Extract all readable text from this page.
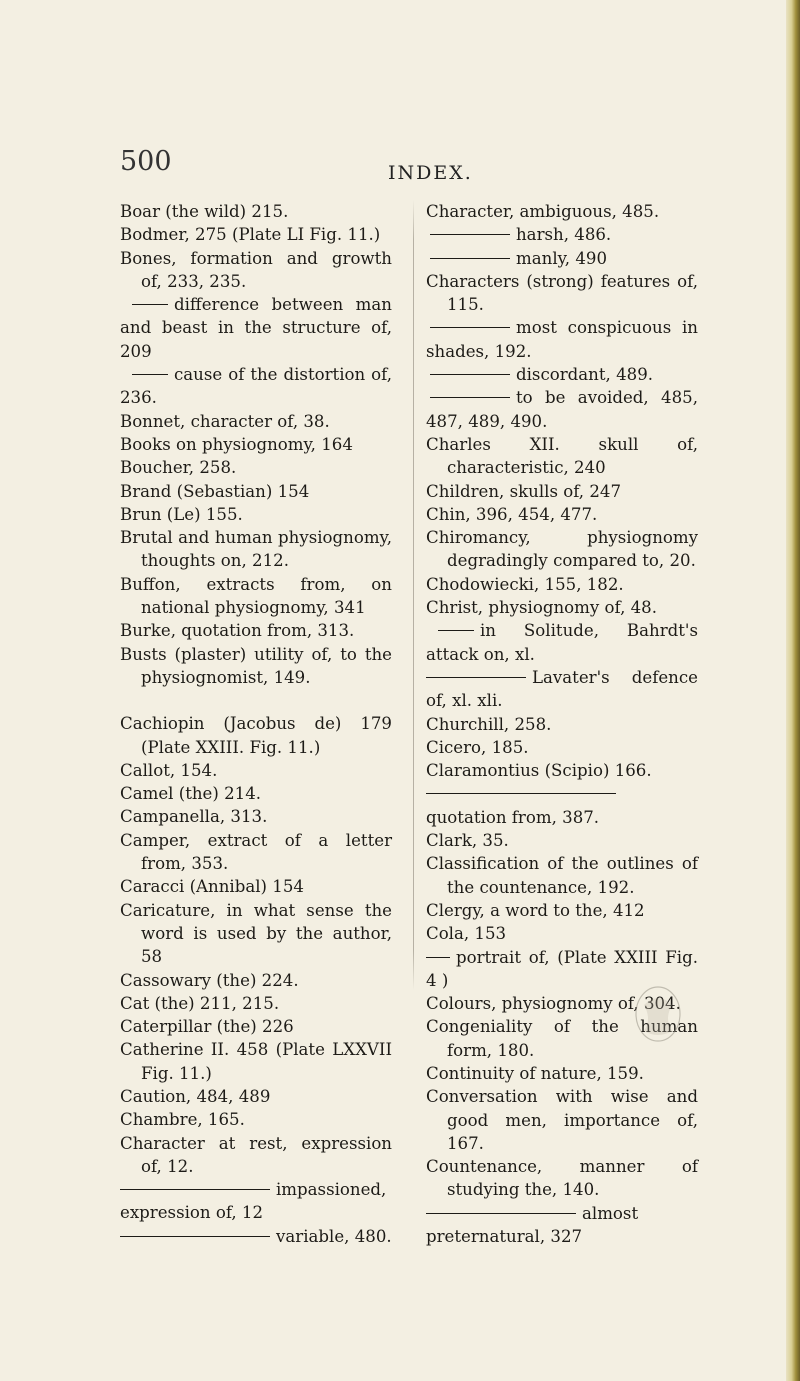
500	INDEX.

Boar (the wild) 215.

Bodmer, 275 (Plate LI Fig. 11.)

Bones, formation and growth of, 233, 235.

difference between man and beast in the structure of, 209

cause of the distortion of, 236.

Bonnet, character of, 38.

Books on physiognomy, 164

Boucher, 258.

Brand (Sebastian) 154

Brun (Le) 155.

Brutal and human physiognomy, thoughts on, 212.

Buffon, extracts from, on national physiognomy, 341

Burke, quotation from, 313.

Busts (plaster) utility of, to the physiognomist, 149.

Cachiopin (Jacobus de) 179 (Plate XXIII. Fig. 11.)

Callot, 154.

Camel (the) 214.

Campanella, 313.

Camper, extract of a letter from, 353.

Caracci (Annibal) 154

Caricature, in what sense the word is used by the author, 58

Cassowary (the) 224.

Cat (the) 211, 215.

Caterpillar (the) 226

Catherine II. 458 (Plate LXXVII Fig. 11.)

Caution, 484, 489

Chambre, 165.

Character at rest, expression of, 12.

impassioned, expression of, 12

variable, 480.

Character, ambiguous, 485.

harsh, 486.

manly, 490

Characters (strong) features of, 115.

most conspicuous in shades, 192.

discordant, 489.

to be avoided, 485, 487, 489, 490.

Charles XII. skull of, characteristic, 240

Children, skulls of, 247

Chin, 396, 454, 477.

Chiromancy, physiognomy degradingly compared to, 20.

Chodowiecki, 155, 182.

Christ, physiognomy of, 48.

in Solitude, Bahrdt's attack on, xl.

Lavater's defence of, xl. xli.

Churchill, 258.

Cicero, 185.

Claramontius (Scipio) 166.

quotation from, 387.

Clark, 35.

Classification of the outlines of the countenance, 192.

Clergy, a word to the, 412

Cola, 153

portrait of, (Plate XXIII Fig. 4 )

Colours, physiognomy of, 304.

Congeniality of the human form, 180.

Continuity of nature, 159.

Conversation with wise and good men, importance of, 167.

Countenance, manner of studying the, 140.

almost preternatural, 327
